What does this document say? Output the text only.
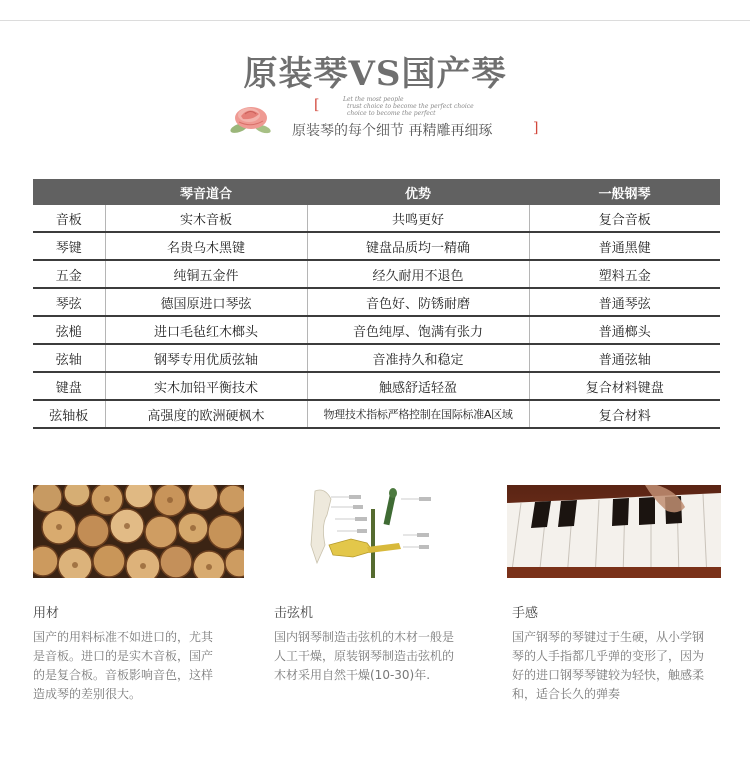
原装琴VS国产琴
[	Let the most people
trust choice to become the perfect choice
choice to become the perfect
原装琴的每个细节 再精雕再细琢	]
	琴音道合	优势	一般钢琴
音板	实木音板	共鸣更好	复合音板
琴键	名贵乌木黑键	键盘品质均一精确	普通黑健
五金	纯铜五金件	经久耐用不退色	塑料五金
琴弦	德国原进口琴弦	音色好、防锈耐磨	普通琴弦
弦槌	进口毛毡红木榔头	音色纯厚、饱满有张力	普通榔头
弦轴	钢琴专用优质弦轴	音准持久和稳定	普通弦轴
键盘	实木加铅平衡技术	触感舒适轻盈	复合材料键盘
弦轴板	高强度的欧洲硬枫木	物理技术指标严格控制在国际标准A区域	复合材料
用材
国产的用料标准不如进口的，尤其
是音板。进口的是实木音板，国产
的是复合板。音板影响音色，这样
造成琴的差别很大。
击弦机
国内钢琴制造击弦机的木材一般是
人工干燥，原装钢琴制造击弦机的
木材采用自然干燥(10-30)年.
手感
国产钢琴的琴键过于生硬，从小学钢
琴的人手指都几乎弹的变形了，因为
好的进口钢琴琴键较为轻快，触感柔
和，适合长久的弹奏
